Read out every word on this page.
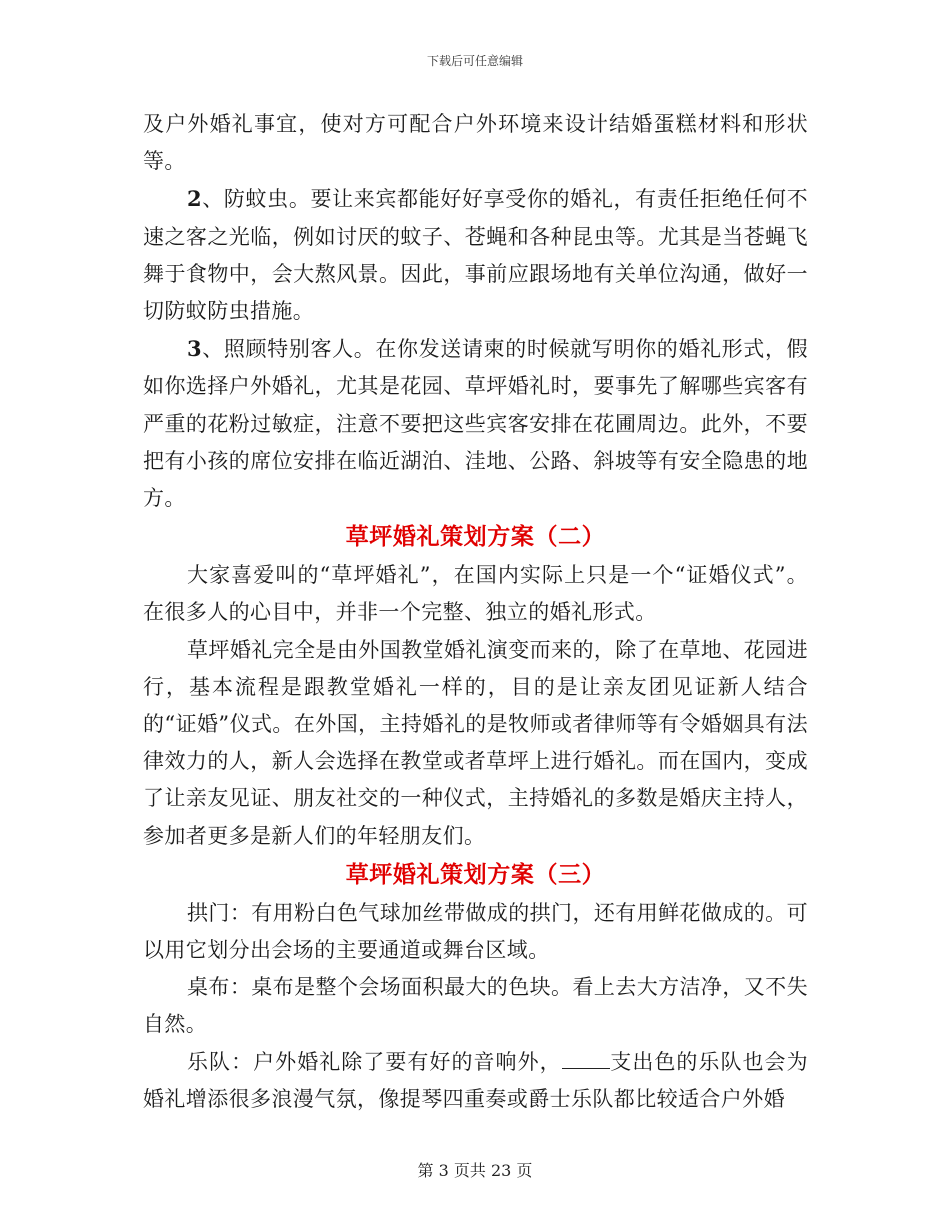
下载后可任意编辑

及户外婚礼事宜，使对方可配合户外环境来设计结婚蛋糕材料和形状等。

2、防蚊虫。要让来宾都能好好享受你的婚礼，有责任拒绝任何不速之客之光临，例如讨厌的蚊子、苍蝇和各种昆虫等。尤其是当苍蝇飞舞于食物中，会大熬风景。因此，事前应跟场地有关单位沟通，做好一切防蚊防虫措施。

3、照顾特别客人。在你发送请柬的时候就写明你的婚礼形式，假如你选择户外婚礼，尤其是花园、草坪婚礼时，要事先了解哪些宾客有严重的花粉过敏症，注意不要把这些宾客安排在花圃周边。此外，不要把有小孩的席位安排在临近湖泊、洼地、公路、斜坡等有安全隐患的地方。

草坪婚礼策划方案（二）

大家喜爱叫的“草坪婚礼”，在国内实际上只是一个“证婚仪式”。在很多人的心目中，并非一个完整、独立的婚礼形式。

草坪婚礼完全是由外国教堂婚礼演变而来的，除了在草地、花园进行，基本流程是跟教堂婚礼一样的，目的是让亲友团见证新人结合的“证婚”仪式。在外国，主持婚礼的是牧师或者律师等有令婚姻具有法律效力的人，新人会选择在教堂或者草坪上进行婚礼。而在国内，变成了让亲友见证、朋友社交的一种仪式，主持婚礼的多数是婚庆主持人，参加者更多是新人们的年轻朋友们。

草坪婚礼策划方案（三）

拱门：有用粉白色气球加丝带做成的拱门，还有用鲜花做成的。可以用它划分出会场的主要通道或舞台区域。

桌布：桌布是整个会场面积最大的色块。看上去大方洁净，又不失自然。

乐队：户外婚礼除了要有好的音响外， 支出色的乐队也会为婚礼增添很多浪漫气氛，像提琴四重奏或爵士乐队都比较适合户外婚

第 3 页共 23 页
